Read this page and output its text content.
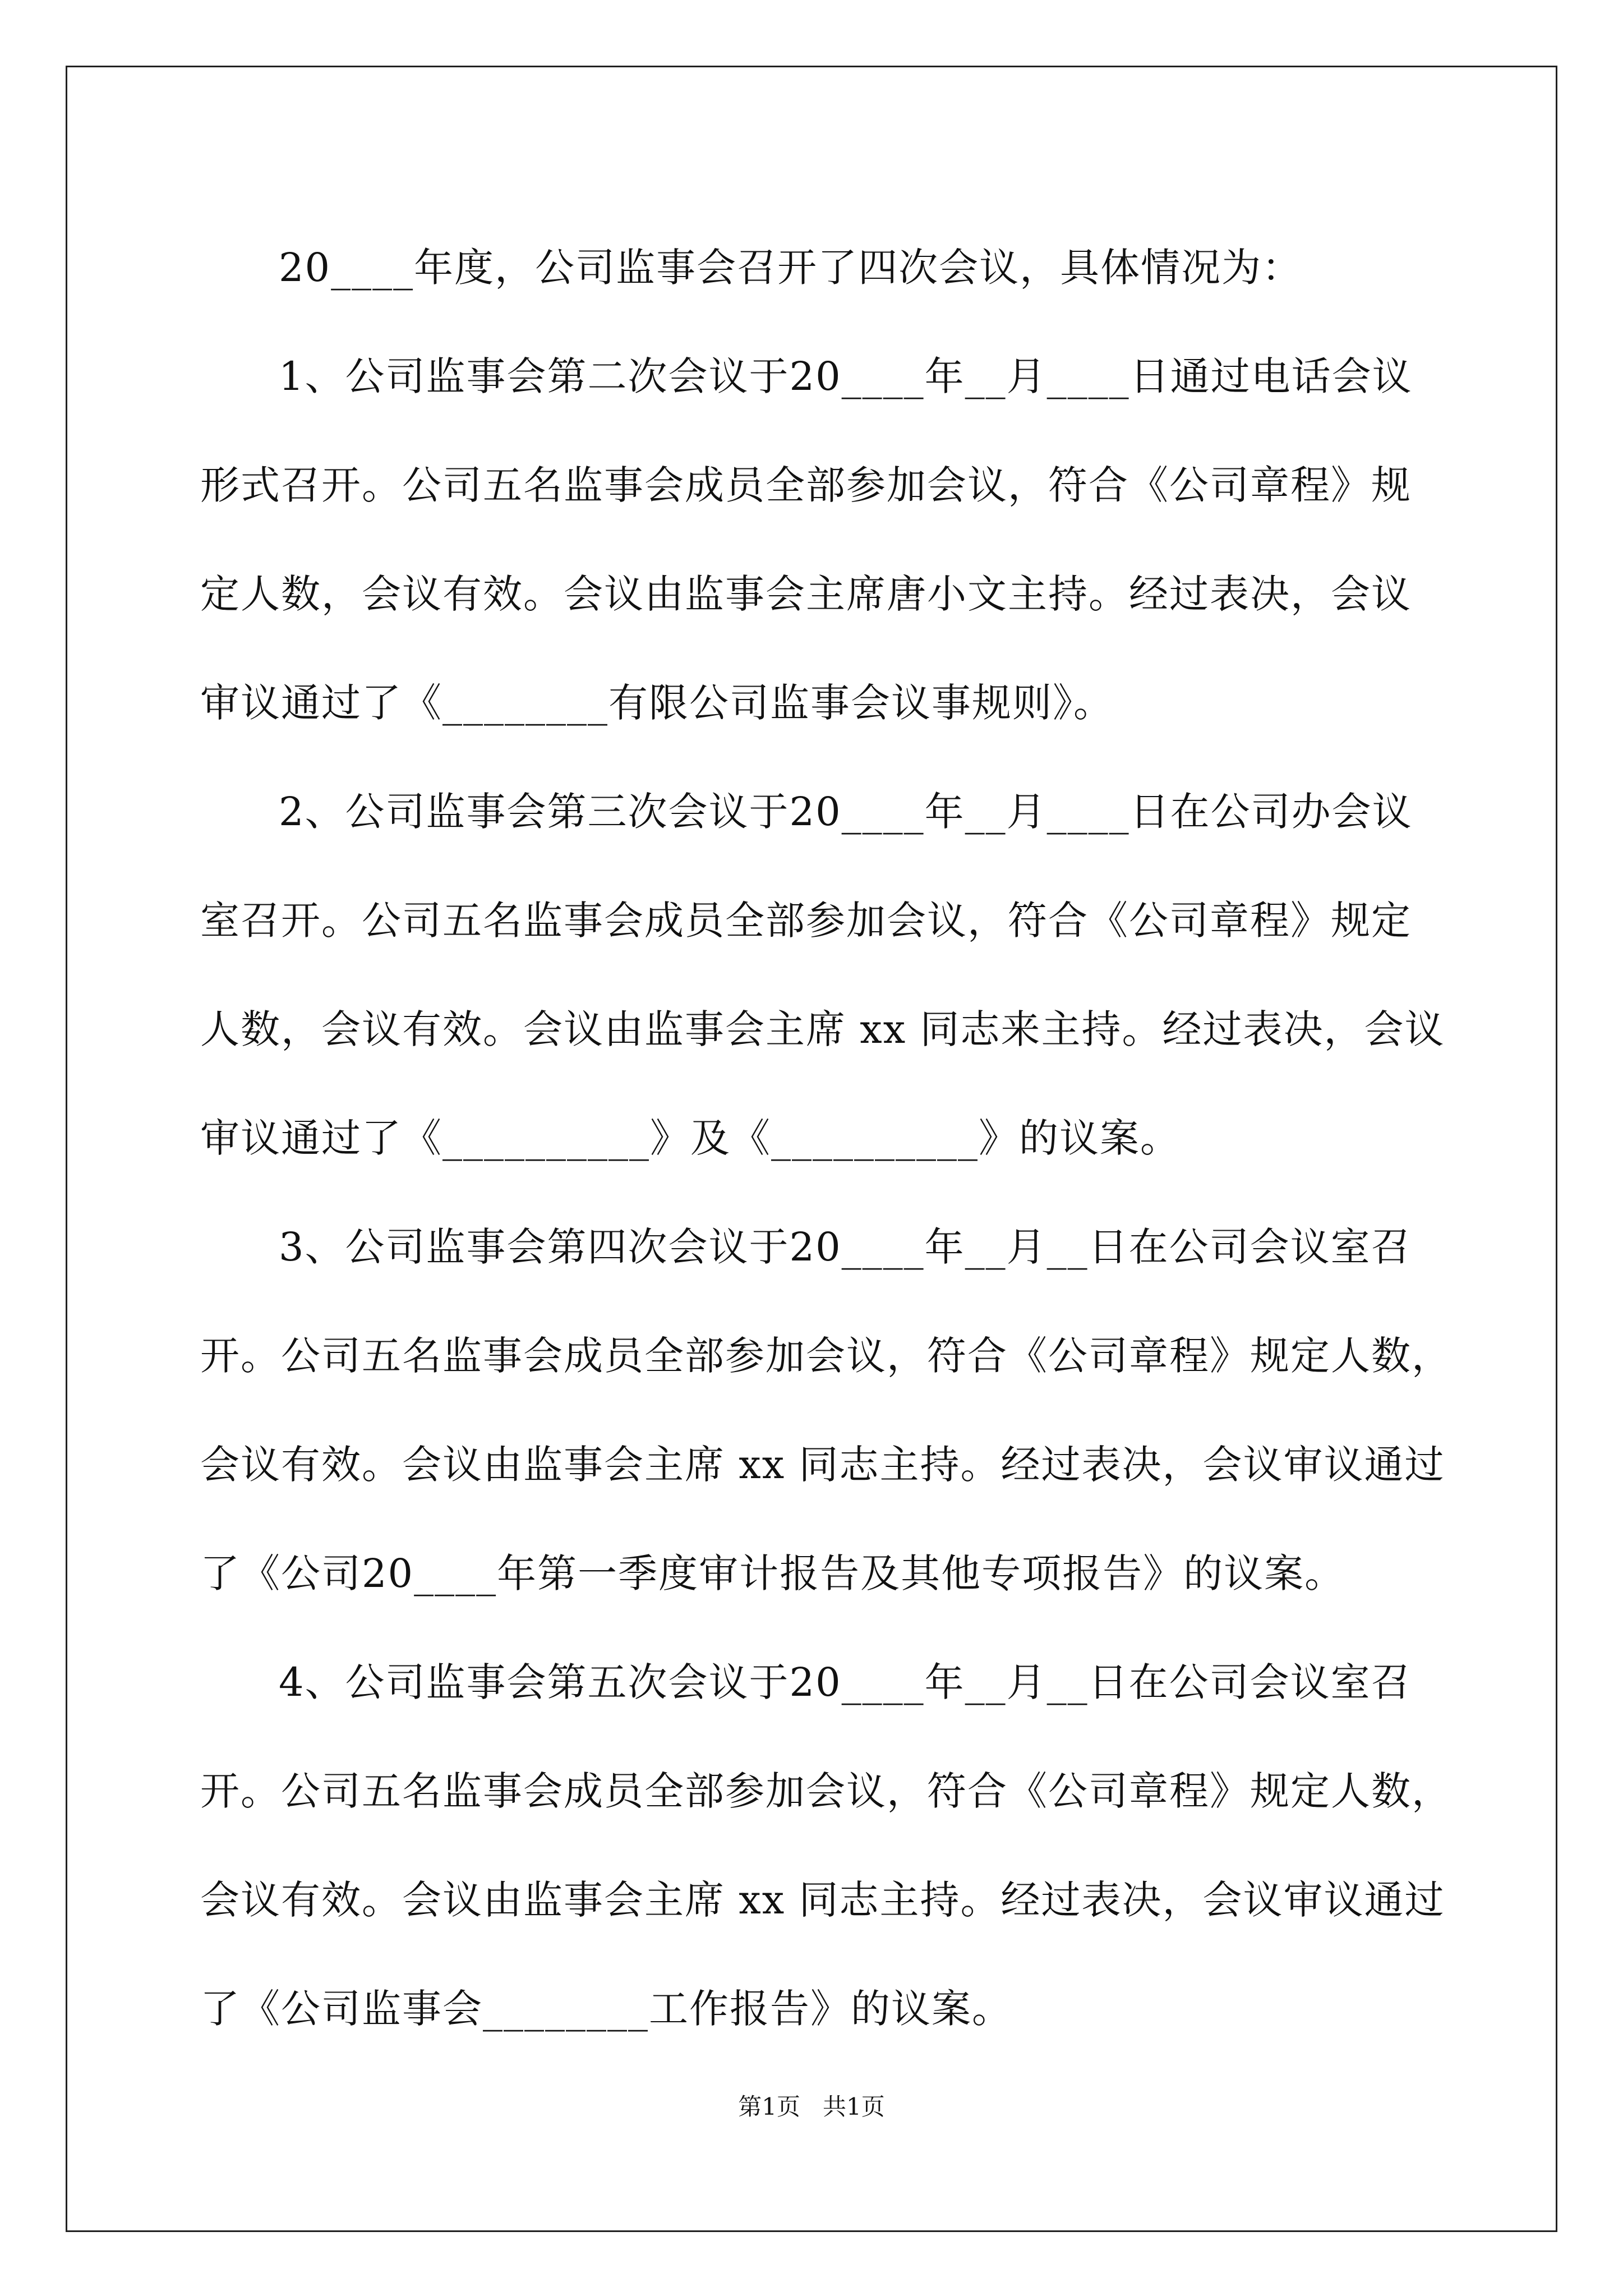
20____年度，公司监事会召开了四次会议，具体情况为：

1、公司监事会第二次会议于20____年__月____日通过电话会议
形式召开。公司五名监事会成员全部参加会议，符合《公司章程》规
定人数，会议有效。会议由监事会主席唐小文主持。经过表决，会议
审议通过了《________有限公司监事会议事规则》。

2、公司监事会第三次会议于20____年__月____日在公司办会议
室召开。公司五名监事会成员全部参加会议，符合《公司章程》规定
人数，会议有效。会议由监事会主席 xx 同志来主持。经过表决，会议
审议通过了《__________》及《__________》的议案。

3、公司监事会第四次会议于20____年__月__日在公司会议室召
开。公司五名监事会成员全部参加会议，符合《公司章程》规定人数，
会议有效。会议由监事会主席 xx 同志主持。经过表决，会议审议通过
了《公司20____年第一季度审计报告及其他专项报告》的议案。

4、公司监事会第五次会议于20____年__月__日在公司会议室召
开。公司五名监事会成员全部参加会议，符合《公司章程》规定人数，
会议有效。会议由监事会主席 xx 同志主持。经过表决，会议审议通过
了《公司监事会________工作报告》的议案。

第1页   共1页
